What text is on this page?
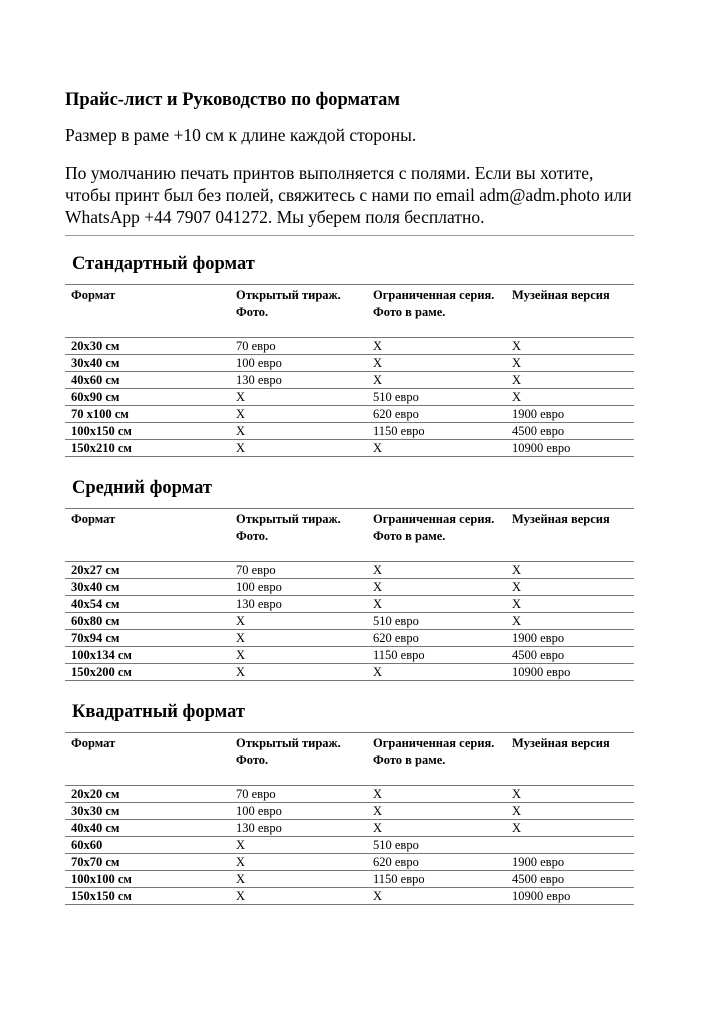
Прайс-лист и Руководство по форматам
Размер в раме +10 см к длине каждой стороны.
По умолчанию печать принтов выполняется с полями. Если вы хотите,
чтобы принт был без полей, свяжитесь с нами по email adm@adm.photo или
WhatsApp +44 7907 041272. Мы уберем поля бесплатно.
Стандартный формат
Формат	Открытый тираж. Фото.	Ограниченная серия. Фото в раме.	Музейная версия
20x30 см	70 евро	X	X
30x40 см	100 евро	X	X
40x60 см	130 евро	X	X
60x90 см	X	510 евро	X
70 x100 см	X	620 евро	1900 евро
100x150 см	X	1150 евро	4500 евро
150x210 см	X	X	10900 евро
Средний формат
Формат	Открытый тираж. Фото.	Ограниченная серия. Фото в раме.	Музейная версия
20x27 см	70 евро	X	X
30x40 см	100 евро	X	X
40x54 см	130 евро	X	X
60x80 см	X	510 евро	X
70x94 см	X	620 евро	1900 евро
100x134 см	X	1150 евро	4500 евро
150x200 см	X	X	10900 евро
Квадратный формат
Формат	Открытый тираж. Фото.	Ограниченная серия. Фото в раме.	Музейная версия
20x20 см	70 евро	X	X
30x30 см	100 евро	X	X
40x40 см	130 евро	X	X
60x60	X	510 евро	
70x70 см	X	620 евро	1900 евро
100x100 см	X	1150 евро	4500 евро
150x150 см	X	X	10900 евро
